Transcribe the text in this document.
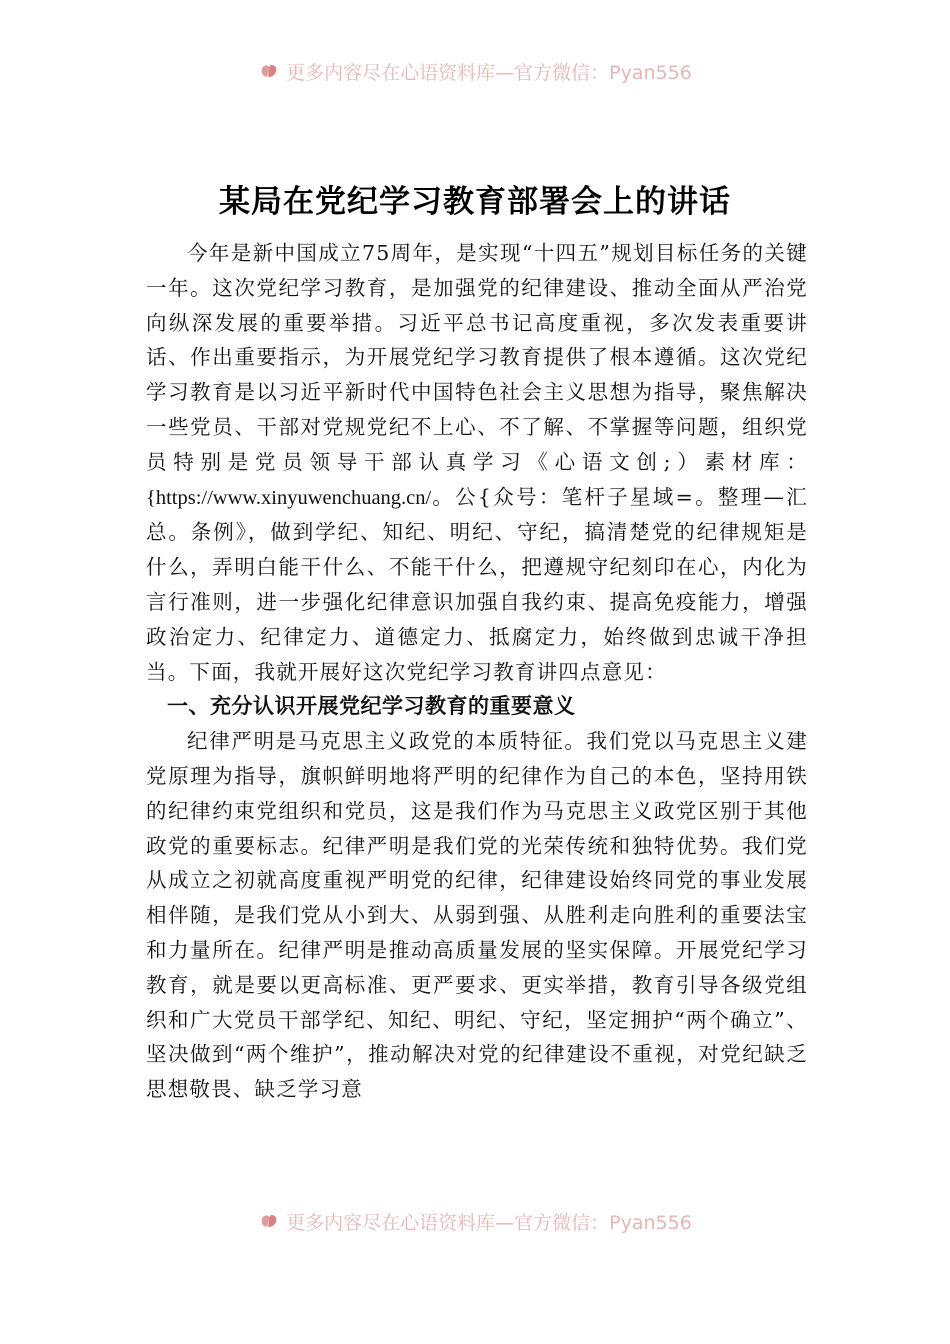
更多内容尽在心语资料库—官方微信：Pyan556
某局在党纪学习教育部署会上的讲话

今年是新中国成立75周年，是实现“十四五”规划目标任务的关键一年。这次党纪学习教育，是加强党的纪律建设、推动全面从严治党向纵深发展的重要举措。习近平总书记高度重视，多次发表重要讲话、作出重要指示，为开展党纪学习教育提供了根本遵循。这次党纪学习教育是以习近平新时代中国特色社会主义思想为指导，聚焦解决一些党员、干部对党规党纪不上心、不了解、不掌握等问题，组织党员特别是党员领导干部认真学习《心语文创;）素材库：{https://www.xinyuwenchuang.cn/。公{众号：笔杆子星域=。整理—汇总。条例》，做到学纪、知纪、明纪、守纪，搞清楚党的纪律规矩是什么，弄明白能干什么、不能干什么，把遵规守纪刻印在心，内化为言行准则，进一步强化纪律意识加强自我约束、提高免疫能力，增强政治定力、纪律定力、道德定力、抵腐定力，始终做到忠诚干净担当。下面，我就开展好这次党纪学习教育讲四点意见：

一、充分认识开展党纪学习教育的重要意义

纪律严明是马克思主义政党的本质特征。我们党以马克思主义建党原理为指导，旗帜鲜明地将严明的纪律作为自己的本色，坚持用铁的纪律约束党组织和党员，这是我们作为马克思主义政党区别于其他政党的重要标志。纪律严明是我们党的光荣传统和独特优势。我们党从成立之初就高度重视严明党的纪律，纪律建设始终同党的事业发展相伴随，是我们党从小到大、从弱到强、从胜利走向胜利的重要法宝和力量所在。纪律严明是推动高质量发展的坚实保障。开展党纪学习教育，就是要以更高标准、更严要求、更实举措，教育引导各级党组织和广大党员干部学纪、知纪、明纪、守纪，坚定拥护“两个确立”、坚决做到“两个维护”，推动解决对党的纪律建设不重视，对党纪缺乏思想敬畏、缺乏学习意

更多内容尽在心语资料库—官方微信：Pyan556
